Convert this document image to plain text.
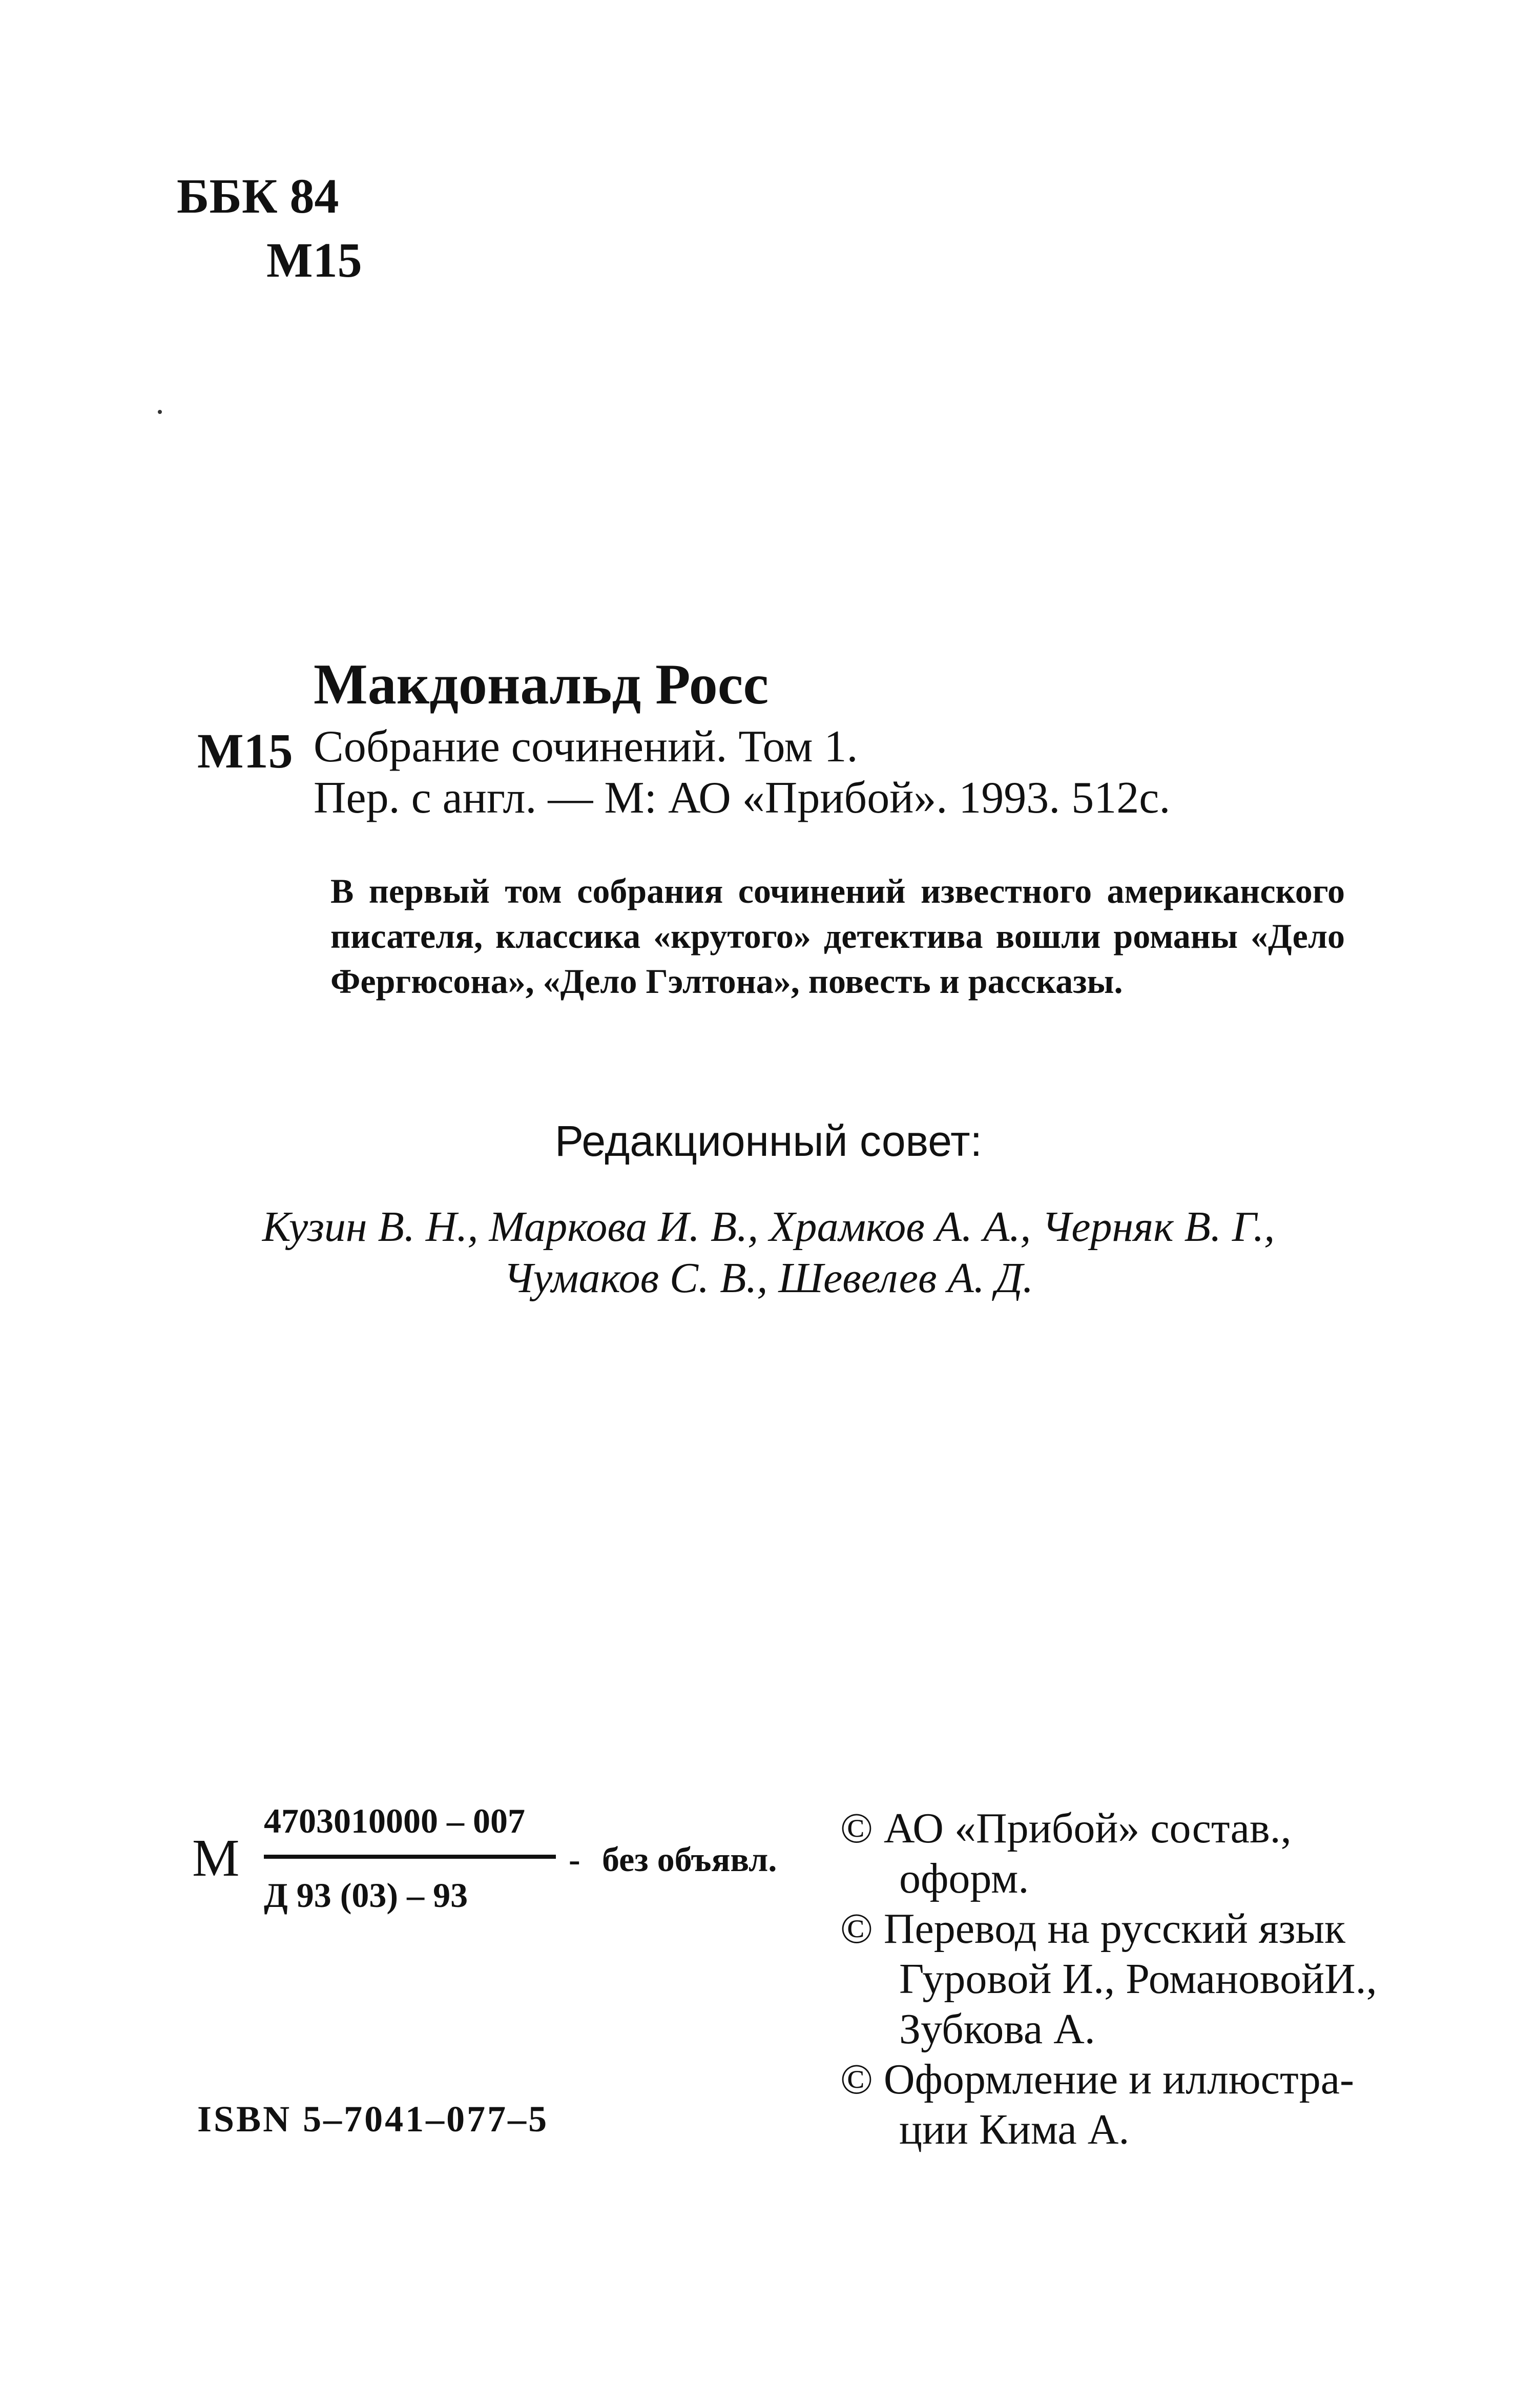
ББК 84
M15
Макдональд Росс
M15 Собрание сочинений. Том 1.
Пер. с англ. — М: АО «Прибой». 1993. 512с.
В первый том собрания сочинений известного американского
писателя, классика «крутого» детектива вошли романы «Дело
Фергюсона», «Дело Гэлтона», повесть и рассказы.
Редакционный совет:
Кузин В. Н., Маркова И. В., Храмков А. А., Черняк В. Г.,
Чумаков С. В., Шевелев А. Д.
M
4703010000 – 007
Д 93 (03) – 93
- без объявл.
ISBN 5–7041–077–5
© АО «Прибой» состав.,
оформ.
© Перевод на русский язык
Гуровой И., РомановойИ.,
Зубкова А.
© Оформление и иллюстра-
ции Кима А.
